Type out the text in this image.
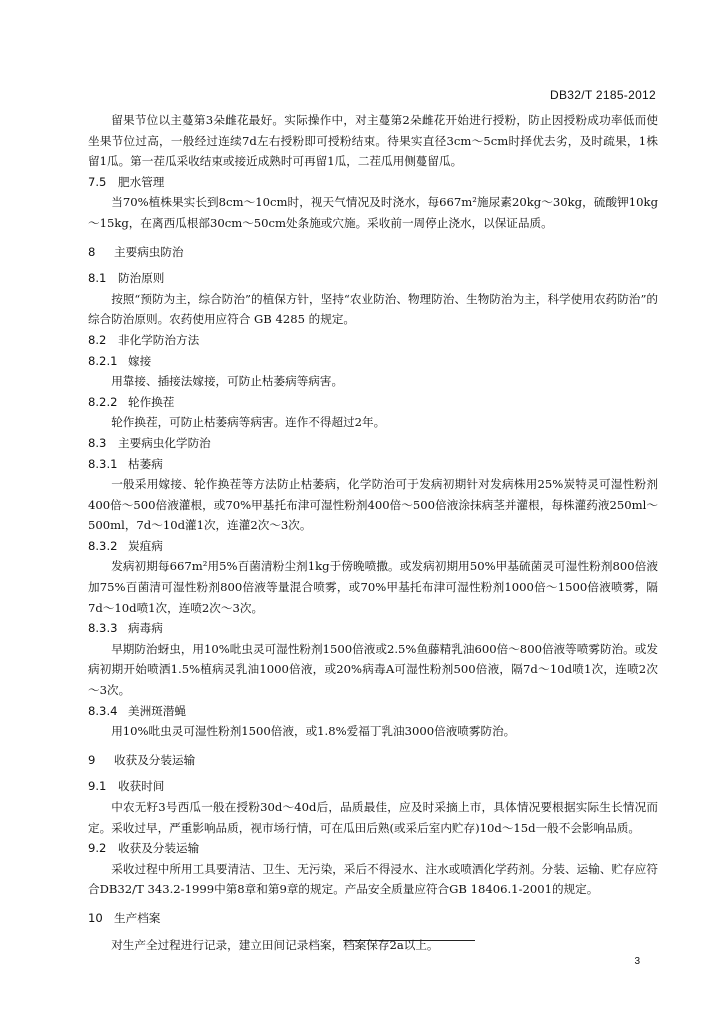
DB32/T 2185-2012

留果节位以主蔓第3朵雌花最好。实际操作中，对主蔓第2朵雌花开始进行授粉，防止因授粉成功率低而使坐果节位过高，一般经过连续7d左右授粉即可授粉结束。待果实直径3cm～5cm时择优去劣，及时疏果，1株留1瓜。第一茬瓜采收结束或接近成熟时可再留1瓜，二茬瓜用侧蔓留瓜。

7.5 肥水管理

当70%植株果实长到8cm～10cm时，视天气情况及时浇水，每667m²施尿素20kg～30kg，硫酸钾10kg～15kg，在离西瓜根部30cm～50cm处条施或穴施。采收前一周停止浇水，以保证品质。

8 主要病虫防治
8.1 防治原则

按照“预防为主，综合防治”的植保方针，坚持“农业防治、物理防治、生物防治为主，科学使用农药防治”的综合防治原则。农药使用应符合 GB 4285 的规定。

8.2 非化学防治方法
8.2.1 嫁接

用靠接、插接法嫁接，可防止枯萎病等病害。

8.2.2 轮作换茬

轮作换茬，可防止枯萎病等病害。连作不得超过2年。

8.3 主要病虫化学防治
8.3.1 枯萎病

一般采用嫁接、轮作换茬等方法防止枯萎病，化学防治可于发病初期针对发病株用25%炭特灵可湿性粉剂400倍～500倍液灌根，或70%甲基托布津可湿性粉剂400倍～500倍液涂抹病茎并灌根，每株灌药液250ml～500ml，7d～10d灌1次，连灌2次～3次。

8.3.2 炭疽病

发病初期每667m²用5%百菌清粉尘剂1kg于傍晚喷撒。或发病初期用50%甲基硫菌灵可湿性粉剂800倍液加75%百菌清可湿性粉剂800倍液等量混合喷雾，或70%甲基托布津可湿性粉剂1000倍～1500倍液喷雾，隔7d～10d喷1次，连喷2次～3次。

8.3.3 病毒病

早期防治蚜虫，用10%吡虫灵可湿性粉剂1500倍液或2.5%鱼藤精乳油600倍～800倍液等喷雾防治。或发病初期开始喷洒1.5%植病灵乳油1000倍液，或20%病毒A可湿性粉剂500倍液，隔7d～10d喷1次，连喷2次～3次。

8.3.4 美洲斑潜蝇

用10%吡虫灵可湿性粉剂1500倍液，或1.8%爱福丁乳油3000倍液喷雾防治。

9 收获及分装运输
9.1 收获时间

中农无籽3号西瓜一般在授粉30d～40d后，品质最佳，应及时采摘上市，具体情况要根据实际生长情况而定。采收过早，严重影响品质，视市场行情，可在瓜田后熟(或采后室内贮存)10d～15d一般不会影响品质。

9.2 收获及分装运输

采收过程中所用工具要清洁、卫生、无污染，采后不得浸水、注水或喷洒化学药剂。分装、运输、贮存应符合DB32/T 343.2-1999中第8章和第9章的规定。产品安全质量应符合GB 18406.1-2001的规定。

10 生产档案

对生产全过程进行记录，建立田间记录档案，档案保存2a以上。

3
